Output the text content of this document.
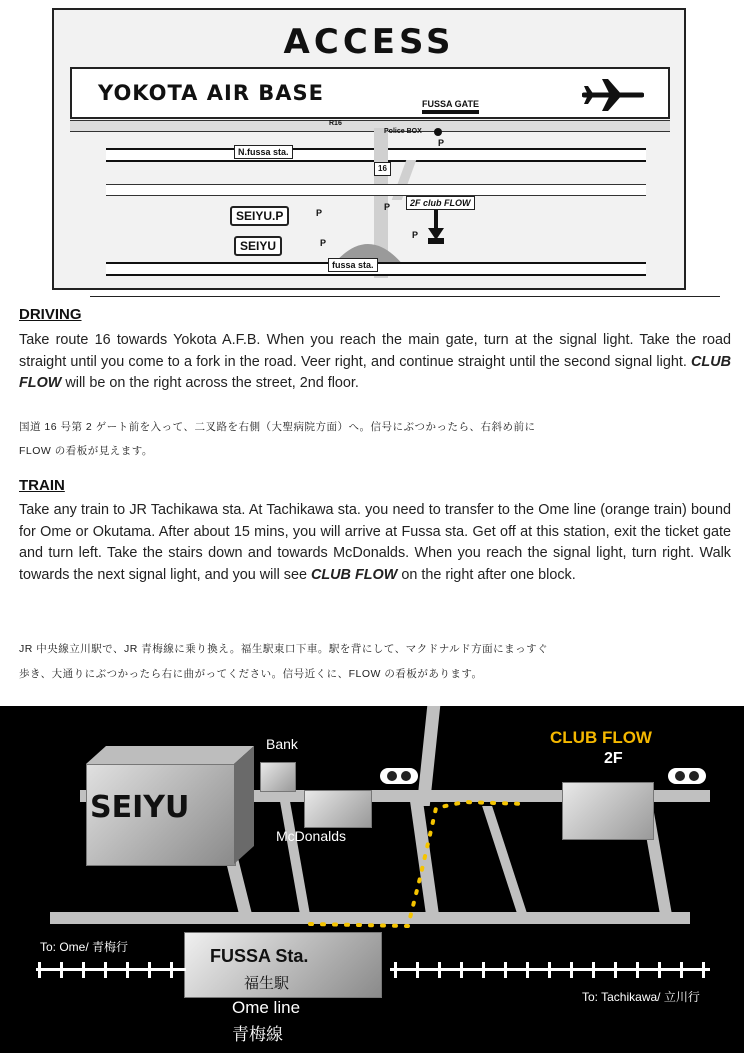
ACCESS
YOKOTA AIR BASE	FUSSA GATE
R16
N.fussa sta.
Police BOX
P
16
2F club FLOW
P
P
SEIYU.P	P
SEIYU	P
fussa sta.
DRIVING
Take route 16 towards Yokota A.F.B. When you reach the main gate, turn at the signal light. Take the road straight until you come to a fork in the road. Veer right, and continue straight until the second signal light. CLUB FLOW will be on the right across the street, 2nd floor.
国道 16 号第 2 ゲート前を入って、二叉路を右側（大聖病院方面）へ。信号にぶつかったら、右斜め前に
FLOW の看板が見えます。
TRAIN
Take any train to JR Tachikawa sta. At Tachikawa sta. you need to transfer to the Ome line (orange train) bound for Ome or Okutama. After about 15 mins, you will arrive at Fussa sta. Get off at this station, exit the ticket gate and turn left. Take the stairs down and towards McDonalds. When you reach the signal light, turn right. Walk towards the next signal light, and you will see CLUB FLOW on the right after one block.
JR 中央線立川駅で、JR 青梅線に乗り換え。福生駅東口下車。駅を背にして、マクドナルド方面にまっすぐ
歩き、大通りにぶつかったら右に曲がってください。信号近くに、FLOW の看板があります。
SEIYU
Bank
McDonalds
CLUB FLOW
2F
FUSSA Sta.
福生駅
Ome line
青梅線
To: Ome/ 青梅行
To: Tachikawa/ 立川行
